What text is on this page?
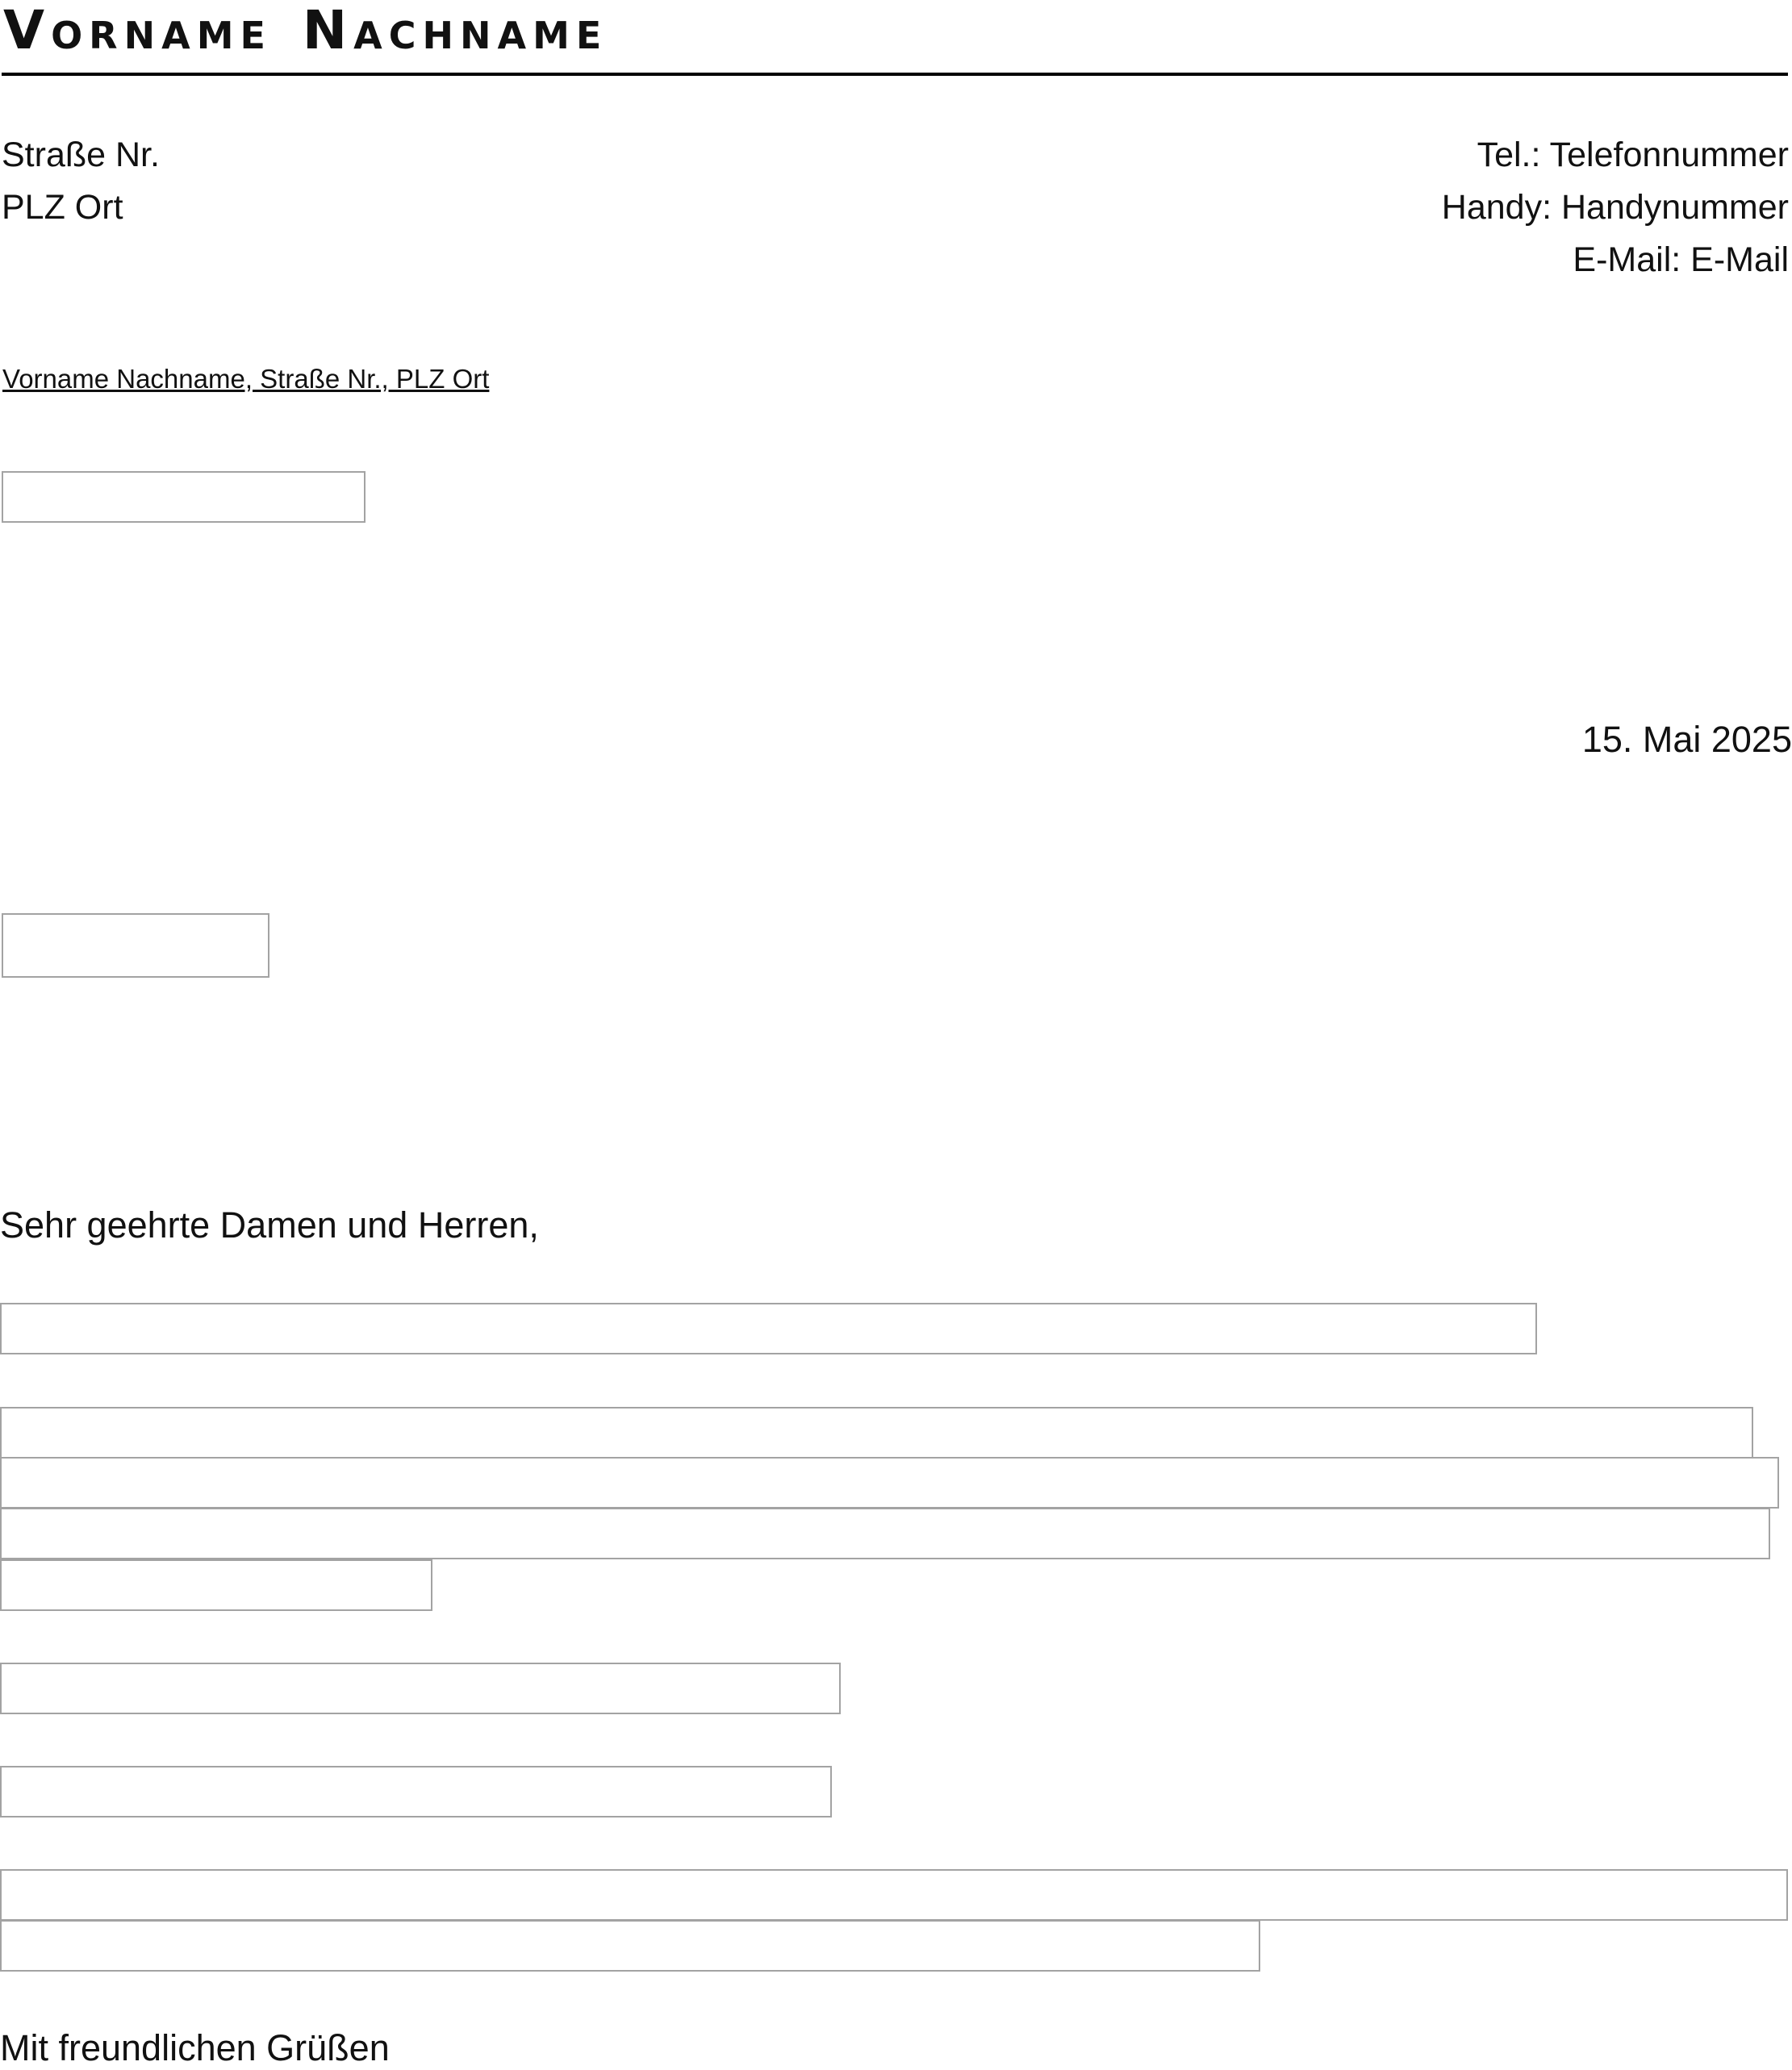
Vorname Nachname
Straße Nr.
PLZ Ort
Tel.: Telefonnummer
Handy: Handynummer
E-Mail: E-Mail
Vorname Nachname, Straße Nr., PLZ Ort
15. Mai 2025
Sehr geehrte Damen und Herren,
Mit freundlichen Grüßen
